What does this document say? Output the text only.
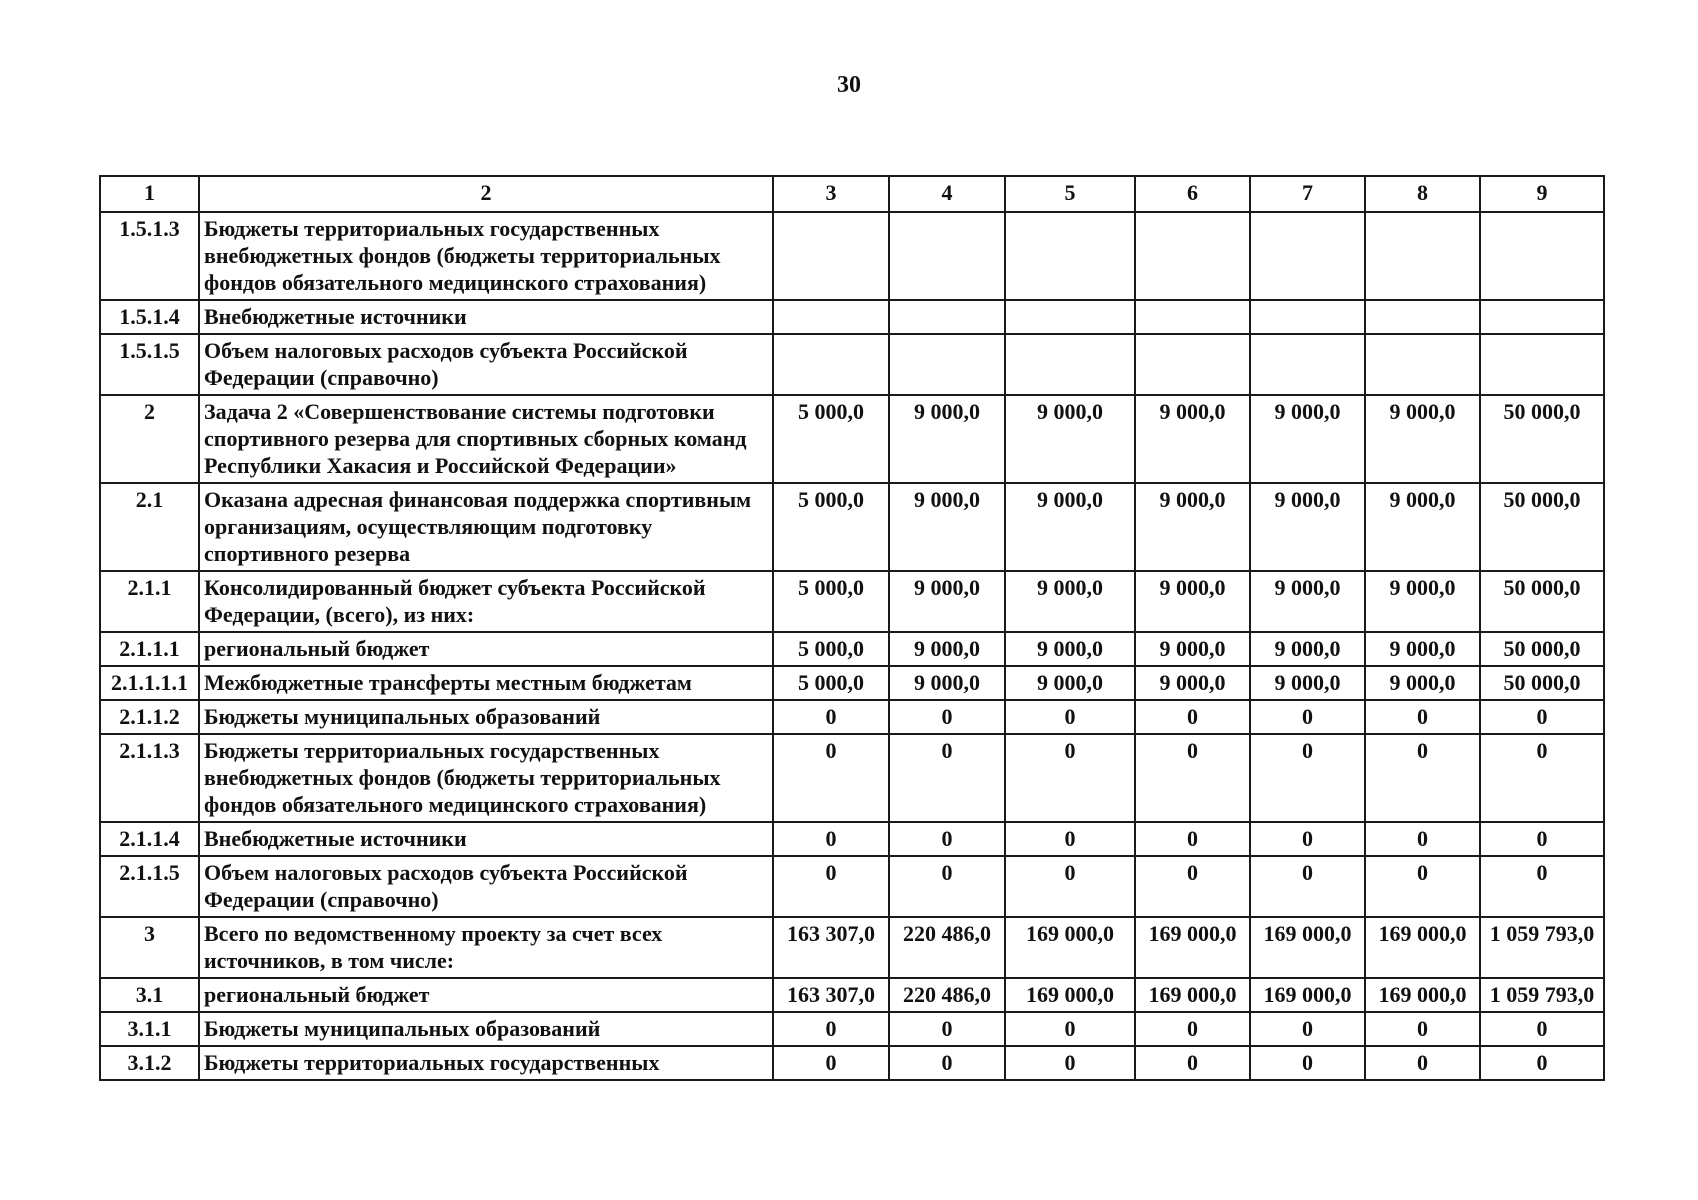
30
1	2	3	4	5	6	7	8	9
1.5.1.3	Бюджеты территориальных государственных внебюджетных фондов (бюджеты территориальных фондов обязательного медицинского страхования)							
1.5.1.4	Внебюджетные источники							
1.5.1.5	Объем налоговых расходов субъекта Российской Федерации (справочно)							
2	Задача 2 «Совершенствование системы подготовки спортивного резерва для спортивных сборных команд Республики Хакасия и Российской Федерации»	5 000,0	9 000,0	9 000,0	9 000,0	9 000,0	9 000,0	50 000,0
2.1	Оказана адресная финансовая поддержка спортивным организациям, осуществляющим подготовку спортивного резерва	5 000,0	9 000,0	9 000,0	9 000,0	9 000,0	9 000,0	50 000,0
2.1.1	Консолидированный бюджет субъекта Российской Федерации, (всего), из них:	5 000,0	9 000,0	9 000,0	9 000,0	9 000,0	9 000,0	50 000,0
2.1.1.1	региональный бюджет	5 000,0	9 000,0	9 000,0	9 000,0	9 000,0	9 000,0	50 000,0
2.1.1.1.1	Межбюджетные трансферты местным бюджетам	5 000,0	9 000,0	9 000,0	9 000,0	9 000,0	9 000,0	50 000,0
2.1.1.2	Бюджеты муниципальных образований	0	0	0	0	0	0	0
2.1.1.3	Бюджеты территориальных государственных внебюджетных фондов (бюджеты территориальных фондов обязательного медицинского страхования)	0	0	0	0	0	0	0
2.1.1.4	Внебюджетные источники	0	0	0	0	0	0	0
2.1.1.5	Объем налоговых расходов субъекта Российской Федерации (справочно)	0	0	0	0	0	0	0
3	Всего по ведомственному проекту за счет всех источников, в том числе:	163 307,0	220 486,0	169 000,0	169 000,0	169 000,0	169 000,0	1 059 793,0
3.1	региональный бюджет	163 307,0	220 486,0	169 000,0	169 000,0	169 000,0	169 000,0	1 059 793,0
3.1.1	Бюджеты муниципальных образований	0	0	0	0	0	0	0
3.1.2	Бюджеты территориальных государственных	0	0	0	0	0	0	0
